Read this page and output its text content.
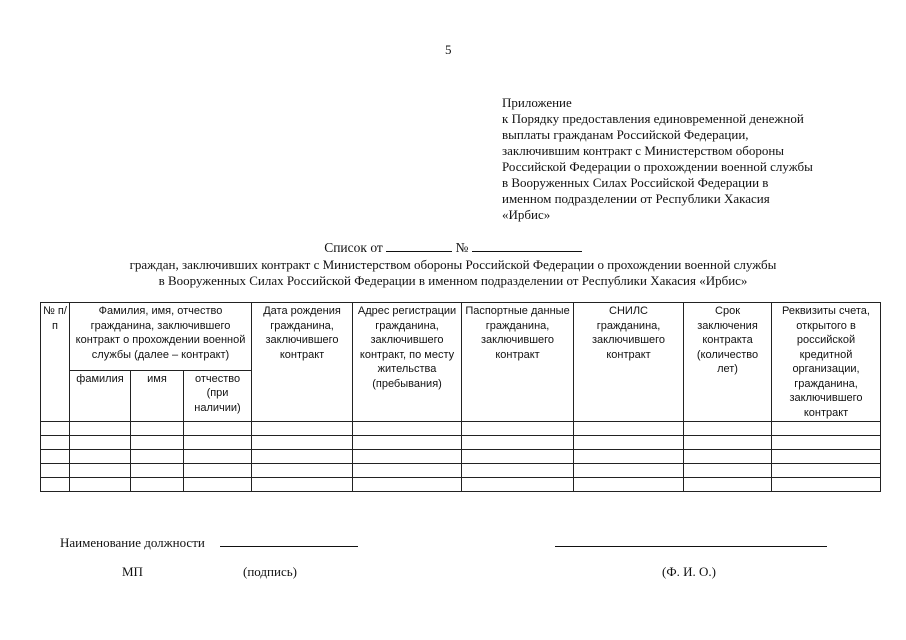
5
Приложение
к Порядку предоставления единовременной денежной
выплаты гражданам Российской Федерации,
заключившим контракт с Министерством обороны
Российской Федерации о прохождении военной службы
в Вооруженных Силах Российской Федерации в
именном подразделении от Республики Хакасия
«Ирбис»
Список от	№
граждан, заключивших контракт с Министерством обороны Российской Федерации о прохождении военной службы
в Вооруженных Силах Российской Федерации в именном подразделении от Республики Хакасия «Ирбис»
№ п/п	Фамилия, имя, отчество гражданина, заключившего контракт о прохождении военной службы (далее – контракт)			Дата рождения гражданина, заключившего контракт	Адрес регистрации гражданина, заключившего контракт, по месту жительства (пребывания)	Паспортные данные гражданина, заключившего контракт	СНИЛС гражданина, заключившего контракт	Срок заключения контракта (количество лет)	Реквизиты счета, открытого в российской кредитной организации, гражданина, заключившего контракт
	фамилия	имя	отчество (при наличии)						

Наименование должности
МП	(подпись)	(Ф. И. О.)
